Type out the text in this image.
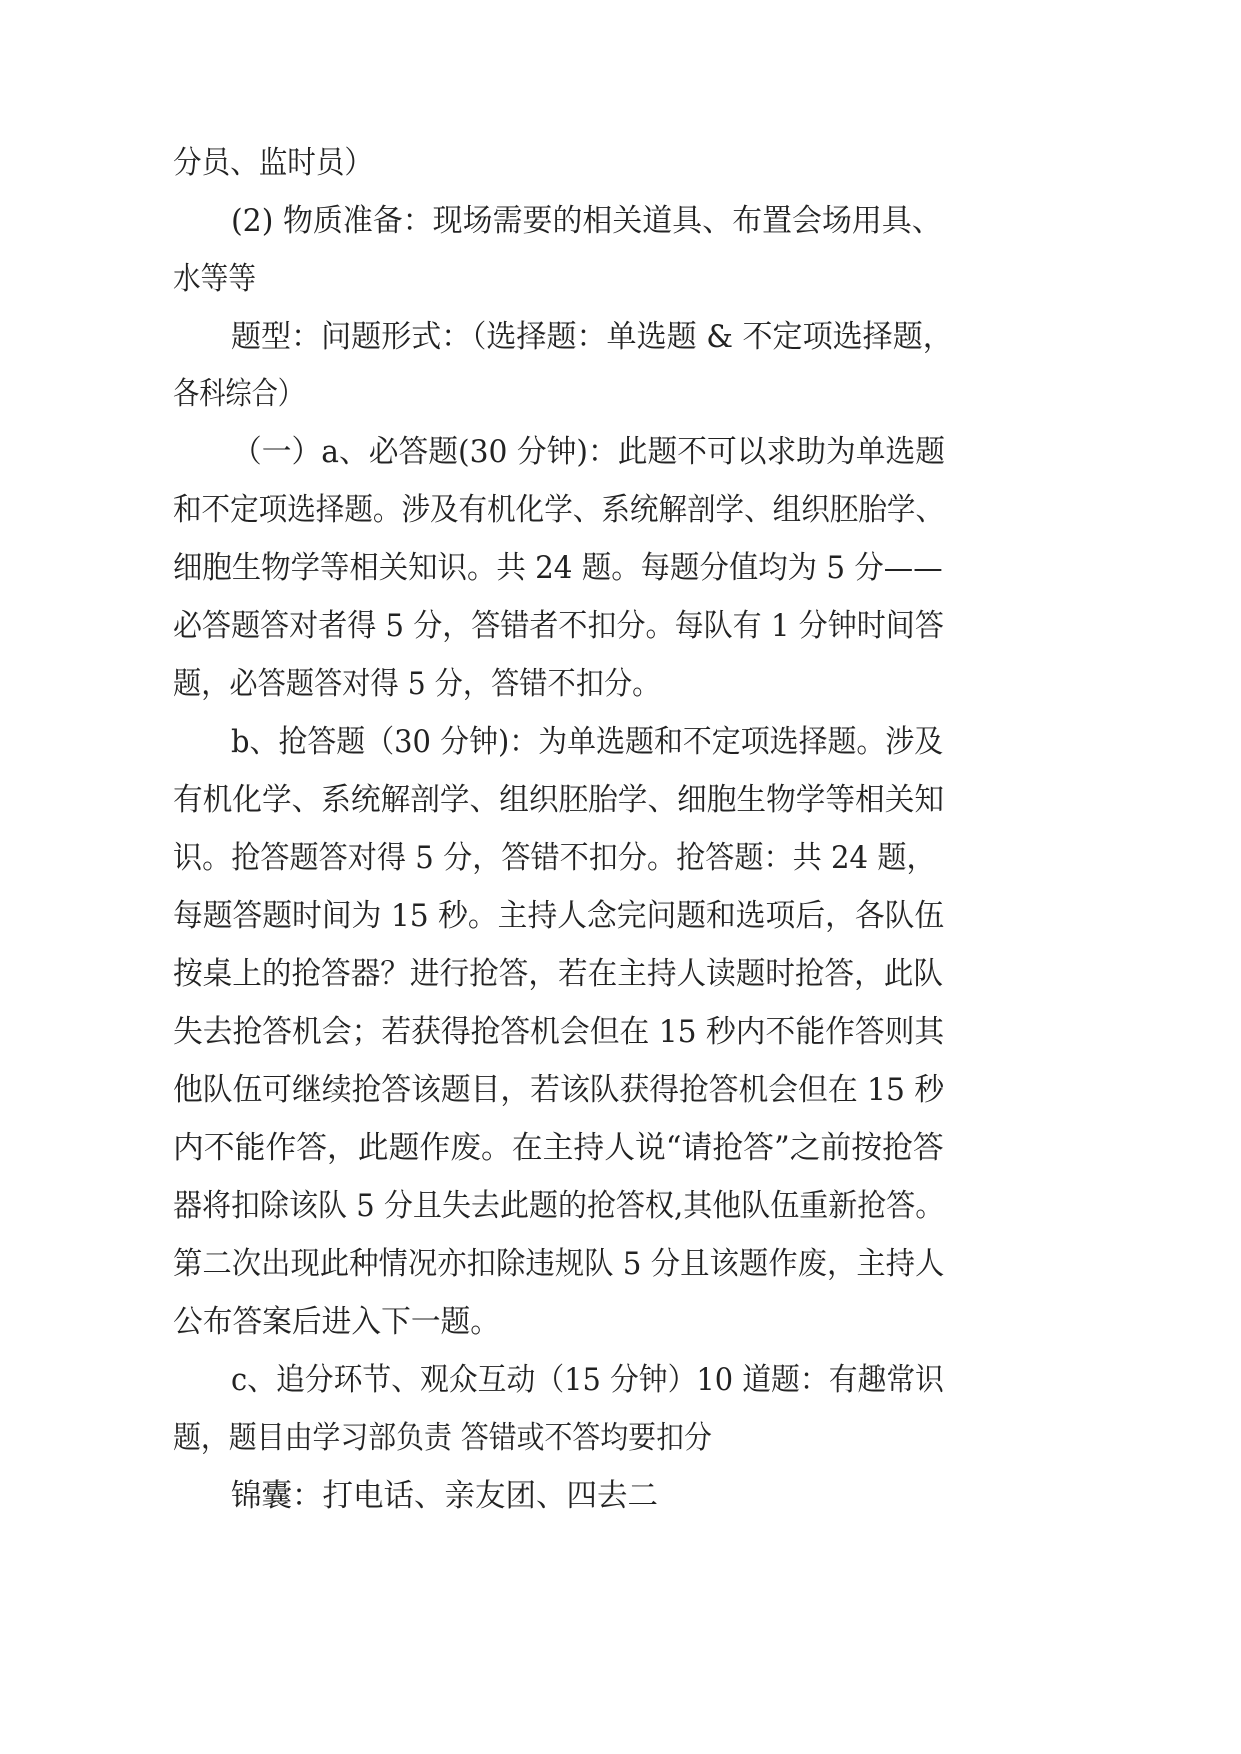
分员、监时员）
(2) 物质准备：现场需要的相关道具、布置会场用具、
水等等
题型：问题形式：（选择题：单选题 & 不定项选择题，
各科综合）
（一）a、必答题(30 分钟)：此题不可以求助为单选题
和不定项选择题。涉及有机化学、系统解剖学、组织胚胎学、
细胞生物学等相关知识。共 24 题。每题分值均为 5 分——
必答题答对者得 5 分，答错者不扣分。每队有 1 分钟时间答
题，必答题答对得 5 分，答错不扣分。
b、抢答题（30 分钟)：为单选题和不定项选择题。涉及
有机化学、系统解剖学、组织胚胎学、细胞生物学等相关知
识。抢答题答对得 5 分，答错不扣分。抢答题：共 24 题，
每题答题时间为 15 秒。主持人念完问题和选项后，各队伍
按桌上的抢答器？进行抢答，若在主持人读题时抢答，此队
失去抢答机会；若获得抢答机会但在 15 秒内不能作答则其
他队伍可继续抢答该题目，若该队获得抢答机会但在 15 秒
内不能作答，此题作废。在主持人说“请抢答”之前按抢答
器将扣除该队 5 分且失去此题的抢答权,其他队伍重新抢答。
第二次出现此种情况亦扣除违规队 5 分且该题作废，主持人
公布答案后进入下一题。
c、追分环节、观众互动（15 分钟）10 道题：有趣常识
题，题目由学习部负责 答错或不答均要扣分
锦囊：打电话、亲友团、四去二
